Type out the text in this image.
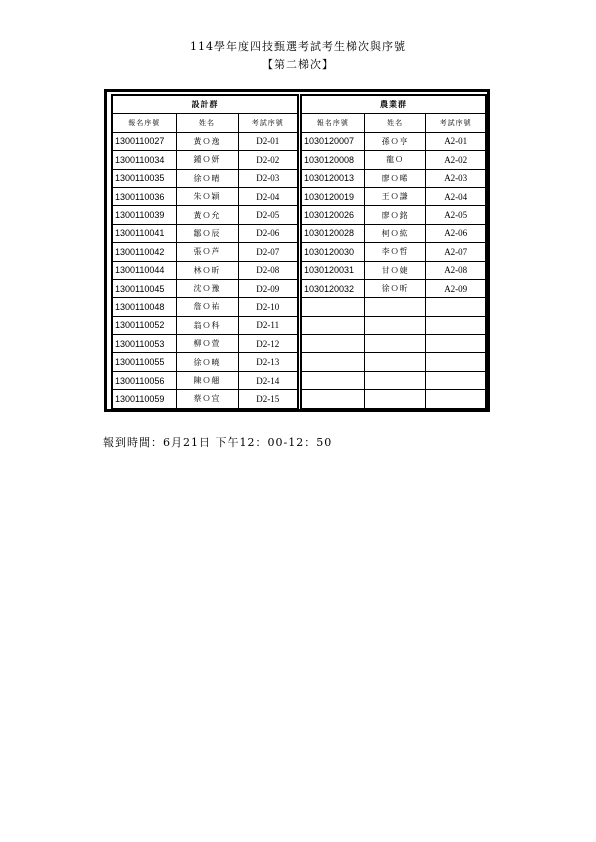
114學年度四技甄選考試考生梯次與序號
【第二梯次】
設計群		
報名序號	姓名	考試序號
1300110027	黃Ｏ逸	D2-01
1300110034	鍾Ｏ妍	D2-02
1300110035	徐Ｏ晴	D2-03
1300110036	朱Ｏ穎	D2-04
1300110039	黃Ｏ允	D2-05
1300110041	鄒Ｏ辰	D2-06
1300110042	張Ｏ芦	D2-07
1300110044	林Ｏ昕	D2-08
1300110045	沈Ｏ豫	D2-09
1300110048	詹Ｏ祐	D2-10
1300110052	翁Ｏ科	D2-11
1300110053	柳Ｏ萱	D2-12
1300110055	徐Ｏ曉	D2-13
1300110056	陳Ｏ翹	D2-14
1300110059	蔡Ｏ宜	D2-15
農業群		
報名序號	姓名	考試序號
1030120007	孫Ｏ亨	A2-01
1030120008	龍Ｏ	A2-02
1030120013	廖Ｏ晞	A2-03
1030120019	王Ｏ謙	A2-04
1030120026	廖Ｏ銘	A2-05
1030120028	柯Ｏ紘	A2-06
1030120030	李Ｏ哲	A2-07
1030120031	甘Ｏ婕	A2-08
1030120032	徐Ｏ昕	A2-09

報到時間：6月21日 下午12：00-12：50
